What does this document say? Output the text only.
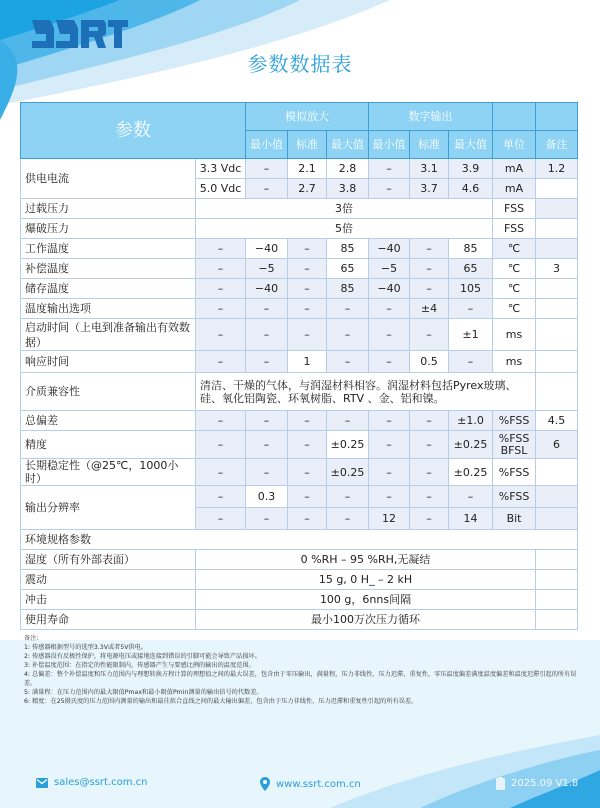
参数数据表
参数		模拟放大			数字输出				
		最小值	标准	最大值	最小值	标准	最大值	单位	备注
供电电流	3.3 Vdc	–	2.1	2.8	–	3.1	3.9	mA	1.2
	5.0 Vdc	–	2.7	3.8	–	3.7	4.6	mA	
过载压力	3倍							FSS	
爆破压力	5倍							FSS	
工作温度	–	−40	–	85	−40	–	85	℃	
补偿温度	–	−5	–	65	−5	–	65	℃	3
储存温度	–	−40	–	85	−40	–	105	℃	
温度输出选项	–	–	–	–	–	±4	–	℃	
启动时间（上电到准备输出有效数据）	–	–	–	–	–	–	±1	ms	
响应时间	–	–	1	–	–	0.5	–	ms	
介质兼容性	清洁、干燥的气体，与润湿材料相容。润湿材料包括Pyrex玻璃、硅、氧化铝陶瓷、环氧树脂、RTV 、金、铝和镍。								
总偏差	–	–	–	–	–	–	±1.0	%FSS	4.5
精度	–	–	–	±0.25	–	–	±0.25	%FSS BFSL	6
长期稳定性（@25℃，1000小时）	–	–	–	±0.25	–	–	±0.25	%FSS	
输出分辨率	–	0.3	–	–	–	–	–	%FSS	
	–	–	–	–	12	–	14	Bit	
环境规格参数									
湿度（所有外部表面）	0 %RH – 95 %RH,无凝结								
震动	15 g, 0 H_ – 2 kH								
冲击	100 g，6nns间隔								
使用寿命	最小100万次压力循环								
备注:
1: 传感器根据型号的选型3.3V或者5V供电。
2: 传感器没有反极性保护，将电源电压或接地连接到错误的引脚可能会导致产品损坏。
3: 补偿温度范围：在指定的性能限制内，传感器产生与要感比例的输出的温度范围。
4: 总偏差：整个补偿温度和压力范围内与理想转换方程计算的理想值之间的最大误差，包含由于零压输出，满量程，压力非线性，压力迟滞，重复性，零压温度偏差满度温度偏差和温度迟滞引起的所有误差。
5: 满量程：在压力范围内的最大限值Pmax和最小限值Pmin测量的输出信号的代数差。
6: 精度：在25摄氏度的压力范围内测量的输出和最佳拟合直线之间的最大输出偏差，包含由于压力非线性，压力迟滞和重复性引起的所有误差。
sales@ssrt.com.cn	www.ssrt.com.cn	2025.09 V1.8
